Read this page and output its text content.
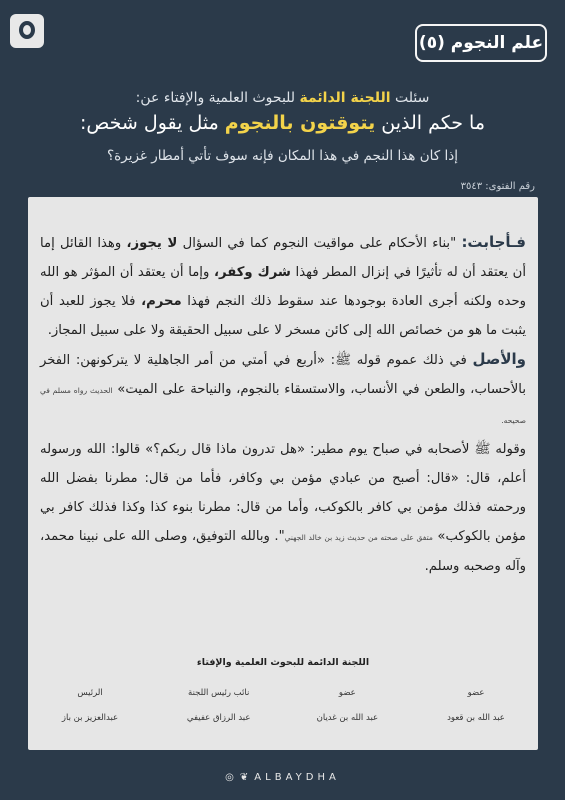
علم النجوم (٥)
سئلت اللجنة الدائمة للبحوث العلمية والإفتاء عن:
ما حكم الذين يتوقتون بالنجوم مثل يقول شخص:
إذا كان هذا النجم في هذا المكان فإنه سوف تأتي أمطار غزيرة؟
رقم الفتوى: ٣٥٤٣
فـأجابت: "بناء الأحكام على مواقيت النجوم كما في السؤال لا يجوز، وهذا القائل إما أن يعتقد أن له تأثيرًا في إنزال المطر فهذا شرك وكفر، وإما أن يعتقد أن المؤثر هو الله وحده ولكنه أجرى العادة بوجودها عند سقوط ذلك النجم فهذا محرم، فلا يجوز للعبد أن يثبت ما هو من خصائص الله إلى كائن مسخر لا على سبيل الحقيقة ولا على سبيل المجاز.
والأصل في ذلك عموم قوله ﷺ: «أربع في أمتي من أمر الجاهلية لا يتركونهن: الفخر بالأحساب، والطعن في الأنساب، والاستسقاء بالنجوم، والنياحة على الميت» الحديث رواه مسلم في صحيحه.
وقوله ﷺ لأصحابه في صباح يوم مطير: «هل تدرون ماذا قال ربكم؟» قالوا: الله ورسوله أعلم، قال: «قال: أصبح من عبادي مؤمن بي وكافر، فأما من قال: مطرنا بفضل الله ورحمته فذلك مؤمن بي كافر بالكوكب، وأما من قال: مطرنا بنوء كذا وكذا فذلك كافر بي مؤمن بالكوكب» متفق على صحته من حديث زيد بن خالد الجهني". وبالله التوفيق، وصلى الله على نبينا محمد، وآله وصحبه وسلم.
اللجنة الدائمة للبحوث العلمية والإفتاء
عضو
عضو
نائب رئيس اللجنة
الرئيس
عبد الله بن قعود
عبد الله بن غديان
عبد الرزاق عفيفي
عبدالعزيز بن باز
◎ ❦ ALBAYDHA
